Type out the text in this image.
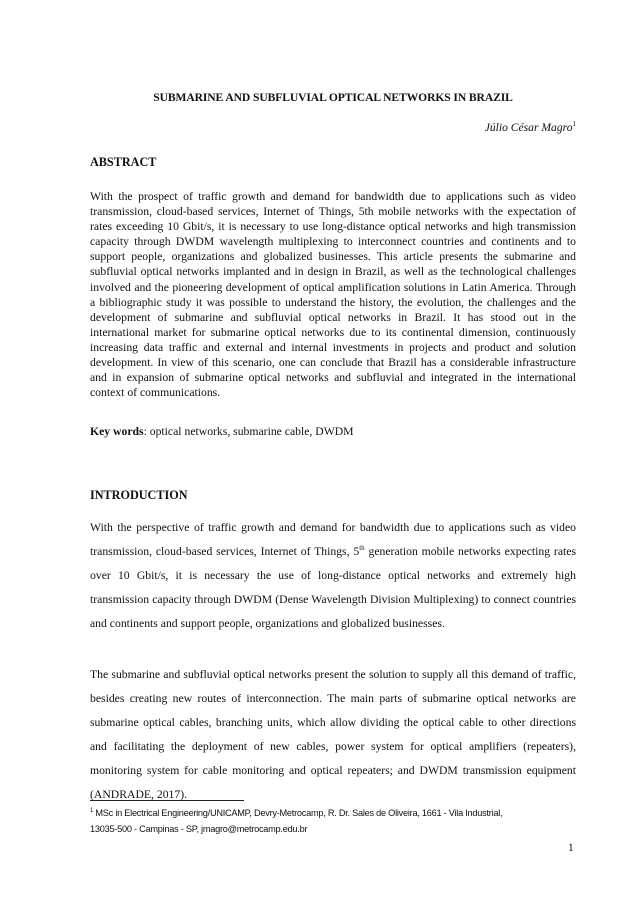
SUBMARINE AND SUBFLUVIAL OPTICAL NETWORKS IN BRAZIL
Júlio César Magro$^1$
ABSTRACT
With the prospect of traffic growth and demand for bandwidth due to applications such as video transmission, cloud-based services, Internet of Things, 5th mobile networks with the expectation of rates exceeding 10 Gbit/s, it is necessary to use long-distance optical networks and high transmission capacity through DWDM wavelength multiplexing to interconnect countries and continents and to support people, organizations and globalized businesses. This article presents the submarine and subfluvial optical networks implanted and in design in Brazil, as well as the technological challenges involved and the pioneering development of optical amplification solutions in Latin America. Through a bibliographic study it was possible to understand the history, the evolution, the challenges and the development of submarine and subfluvial optical networks in Brazil. It has stood out in the international market for submarine optical networks due to its continental dimension, continuously increasing data traffic and external and internal investments in projects and product and solution development. In view of this scenario, one can conclude that Brazil has a considerable infrastructure and in expansion of submarine optical networks and subfluvial and integrated in the international context of communications.
Key words: optical networks, submarine cable, DWDM
INTRODUCTION
With the perspective of traffic growth and demand for bandwidth due to applications such as video transmission, cloud-based services, Internet of Things, 5th generation mobile networks expecting rates over 10 Gbit/s, it is necessary the use of long-distance optical networks and extremely high transmission capacity through DWDM (Dense Wavelength Division Multiplexing) to connect countries and continents and support people, organizations and globalized businesses.
The submarine and subfluvial optical networks present the solution to supply all this demand of traffic, besides creating new routes of interconnection. The main parts of submarine optical networks are submarine optical cables, branching units, which allow dividing the optical cable to other directions and facilitating the deployment of new cables, power system for optical amplifiers (repeaters), monitoring system for cable monitoring and optical repeaters; and DWDM transmission equipment (ANDRADE, 2017).
$^1$ MSc in Electrical Engineering/UNICAMP, Devry-Metrocamp, R. Dr. Sales de Oliveira, 1661 - Vila Industrial,
13035-500 - Campinas - SP, jmagro@metrocamp.edu.br
1
